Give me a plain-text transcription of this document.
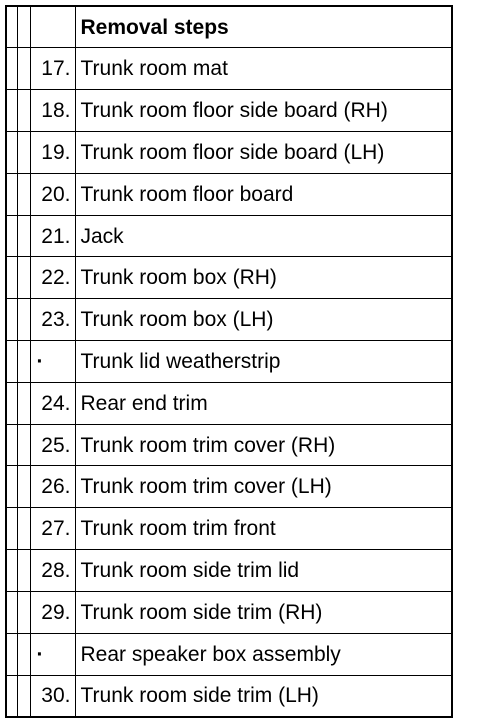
			Removal steps
		17.	Trunk room mat
		18.	Trunk room floor side board (RH)
		19.	Trunk room floor side board (LH)
		20.	Trunk room floor board
		21.	Jack
		22.	Trunk room box (RH)
		23.	Trunk room box (LH)
		·	Trunk lid weatherstrip
		24.	Rear end trim
		25.	Trunk room trim cover (RH)
		26.	Trunk room trim cover (LH)
		27.	Trunk room trim front
		28.	Trunk room side trim lid
		29.	Trunk room side trim (RH)
		·	Rear speaker box assembly
		30.	Trunk room side trim (LH)
